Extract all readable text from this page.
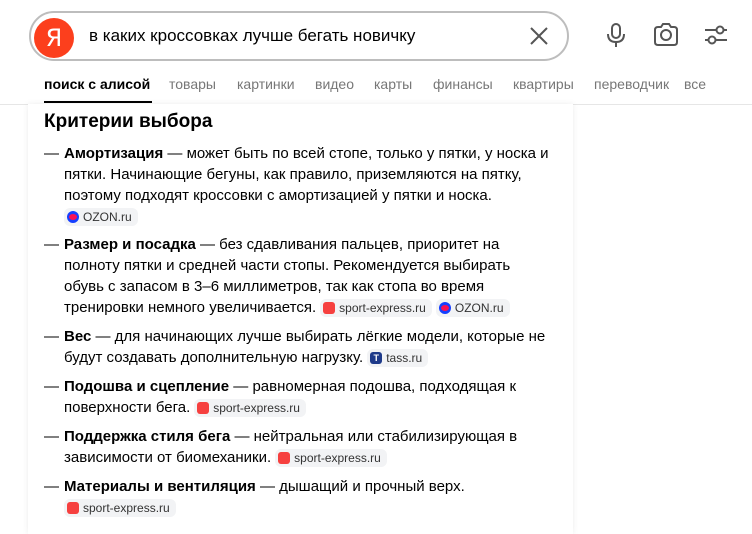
Я	в каких кроссовках лучше бегать новичку
поиск с алисой товары картинки видео карты финансы квартиры переводчик все
Критерии выбора
— Амортизация — может быть по всей стопе, только у пятки, у носка и
пятки. Начинающие бегуны, как правило, приземляются на пятку,
поэтому подходят кроссовки с амортизацией у пятки и носка.
OZON.ru
— Размер и посадка — без сдавливания пальцев, приоритет на
полноту пятки и средней части стопы. Рекомендуется выбирать
обувь с запасом в 3–6 миллиметров, так как стопа во время
тренировки немного увеличивается. sport-express.ru OZON.ru
— Вес — для начинающих лучше выбирать лёгкие модели, которые не
будут создавать дополнительную нагрузку.	T tass.ru
— Подошва и сцепление — равномерная подошва, подходящая к
поверхности бега. sport-express.ru
— Поддержка стиля бега — нейтральная или стабилизирующая в
зависимости от биомеханики. sport-express.ru
— Материалы и вентиляция — дышащий и прочный верх.
sport-express.ru
